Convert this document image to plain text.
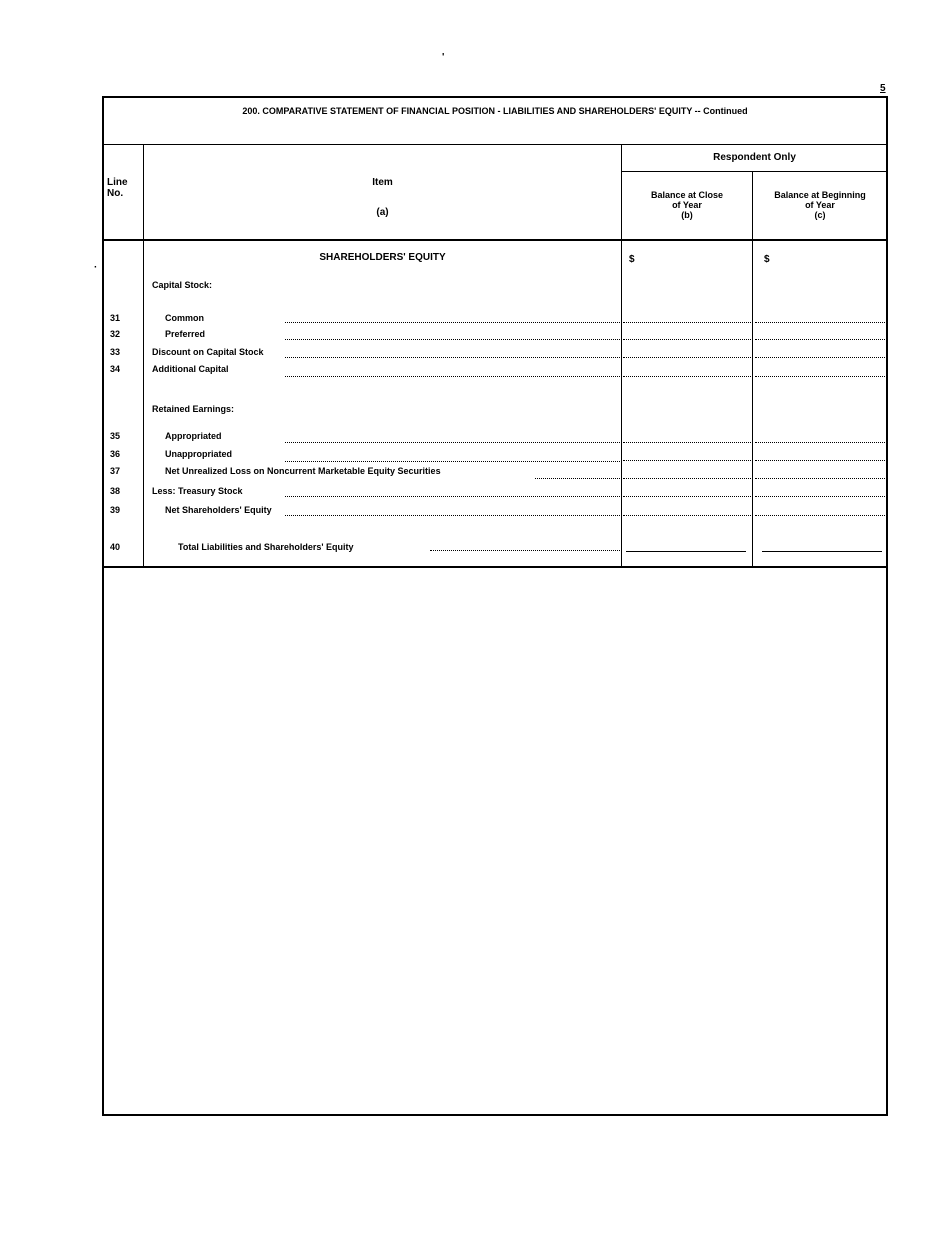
'
·
5
200. COMPARATIVE STATEMENT OF FINANCIAL POSITION - LIABILITIES AND SHAREHOLDERS' EQUITY -- Continued
Line
No.
Item
(a)
Respondent Only
Balance at Close
of Year
(b)
Balance at Beginning
of Year
(c)
SHAREHOLDERS' EQUITY	$	$
Capital Stock:
Retained Earnings:
31	Common
32	Preferred
33	Discount on Capital Stock
34	Additional Capital
35	Appropriated
36	Unappropriated
37	Net Unrealized Loss on Noncurrent Marketable Equity Securities
38	Less: Treasury Stock
39	Net Shareholders' Equity
40	Total Liabilities and Shareholders' Equity
